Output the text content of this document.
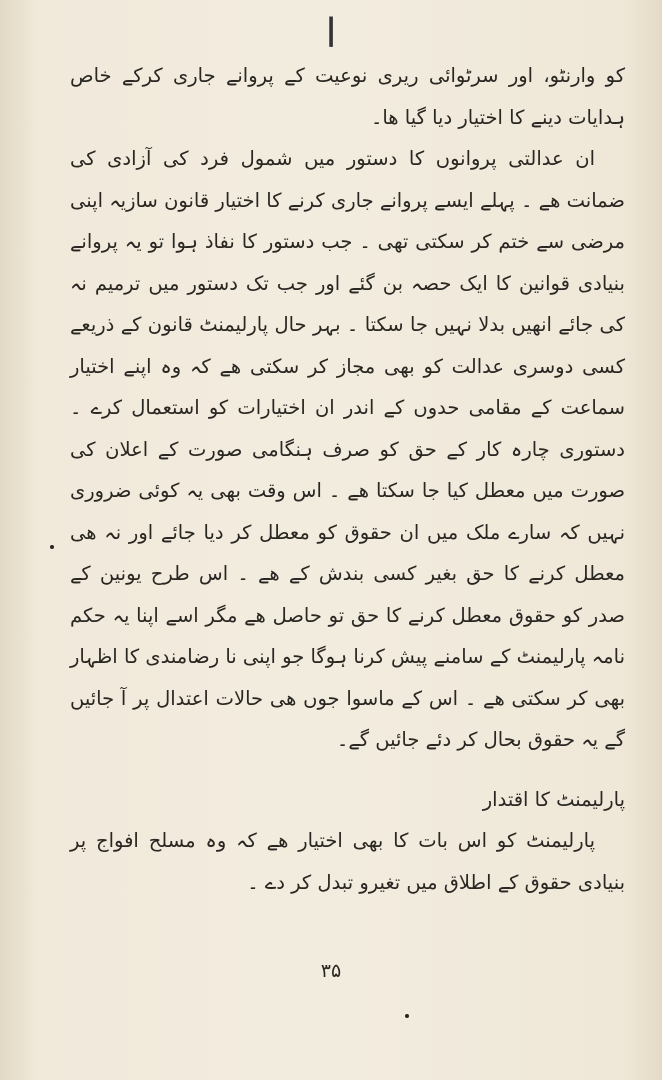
ا

کو وارنٹو، اور سرٹوائی ریری نوعیت کے پروانے جاری کرکے خاص ہدایات دینے کا اختیار دیا گیا ھا۔

ان عدالتی پروانوں کا دستور میں شمول فرد کی آزادی کی ضمانت ھے ۔ پہلے ایسے پروانے جاری کرنے کا اختیار قانون سازیہ اپنی مرضی سے ختم کر سکتی تھی ۔ جب دستور کا نفاذ ہوا تو یہ پروانے بنیادی قوانین کا ایک حصہ بن گئے اور جب تک دستور میں ترمیم نہ کی جائے انھیں بدلا نہیں جا سکتا ۔ بہر حال پارلیمنٹ قانون کے ذریعے کسی دوسری عدالت کو بھی مجاز کر سکتی ھے کہ وہ اپنے اختیار سماعت کے مقامی حدوں کے اندر ان اختیارات کو استعمال کرے ۔ دستوری چارہ کار کے حق کو صرف ہنگامی صورت کے اعلان کی صورت میں معطل کیا جا سکتا ھے ۔ اس وقت بھی یہ کوئی ضروری نہیں کہ سارے ملک میں ان حقوق کو معطل کر دیا جائے اور نہ ھی معطل کرنے کا حق بغیر کسی بندش کے ھے ۔ اس طرح یونین کے صدر کو حقوق معطل کرنے کا حق تو حاصل ھے مگر اسے اپنا یہ حکم نامہ پارلیمنٹ کے سامنے پیش کرنا ہوگا جو اپنی نا رضامندی کا اظہار بھی کر سکتی ھے ۔ اس کے ماسوا جوں ھی حالات اعتدال پر آ جائیں گے یہ حقوق بحال کر دئے جائیں گے۔

پارلیمنٹ کا اقتدار

پارلیمنٹ کو اس بات کا بھی اختیار ھے کہ وہ مسلح افواج پر بنیادی حقوق کے اطلاق میں تغیرو تبدل کر دے ۔

۳۵
